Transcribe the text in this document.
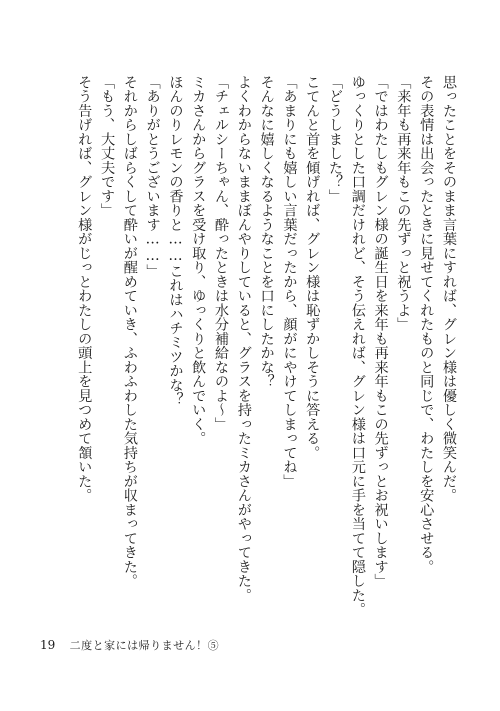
思ったことをそのまま言葉にすれば、グレン様は優しく微笑んだ。
その表情は出会ったときに見せてくれたものと同じで、わたしを安心させる。
「来年も再来年もこの先ずっと祝うよ」
「ではわたしもグレン様の誕生日を来年も再来年もこの先ずっとお祝いします」
ゆっくりとした口調だけれど、そう伝えれば、グレン様は口元に手を当てて隠した。
「どうしました？」
こてんと首を傾げれば、グレン様は恥ずかしそうに答える。
「あまりにも嬉しい言葉だったから、顔がにやけてしまってね」
そんなに嬉しくなるようなことを口にしたかな？
よくわからないままぼんやりしていると、グラスを持ったミカさんがやってきた。
「チェルシーちゃん、酔ったときは水分補給なのよ～」
ミカさんからグラスを受け取り、ゆっくりと飲んでいく。
ほんのりレモンの香りと……これはハチミツかな？
「ありがとうございます……」
それからしばらくして酔いが醒めていき、ふわふわした気持ちが収まってきた。
「もう、大丈夫です」
そう告げれば、グレン様がじっとわたしの頭上を見つめて頷いた。
19 二度と家には帰りません！⑤
